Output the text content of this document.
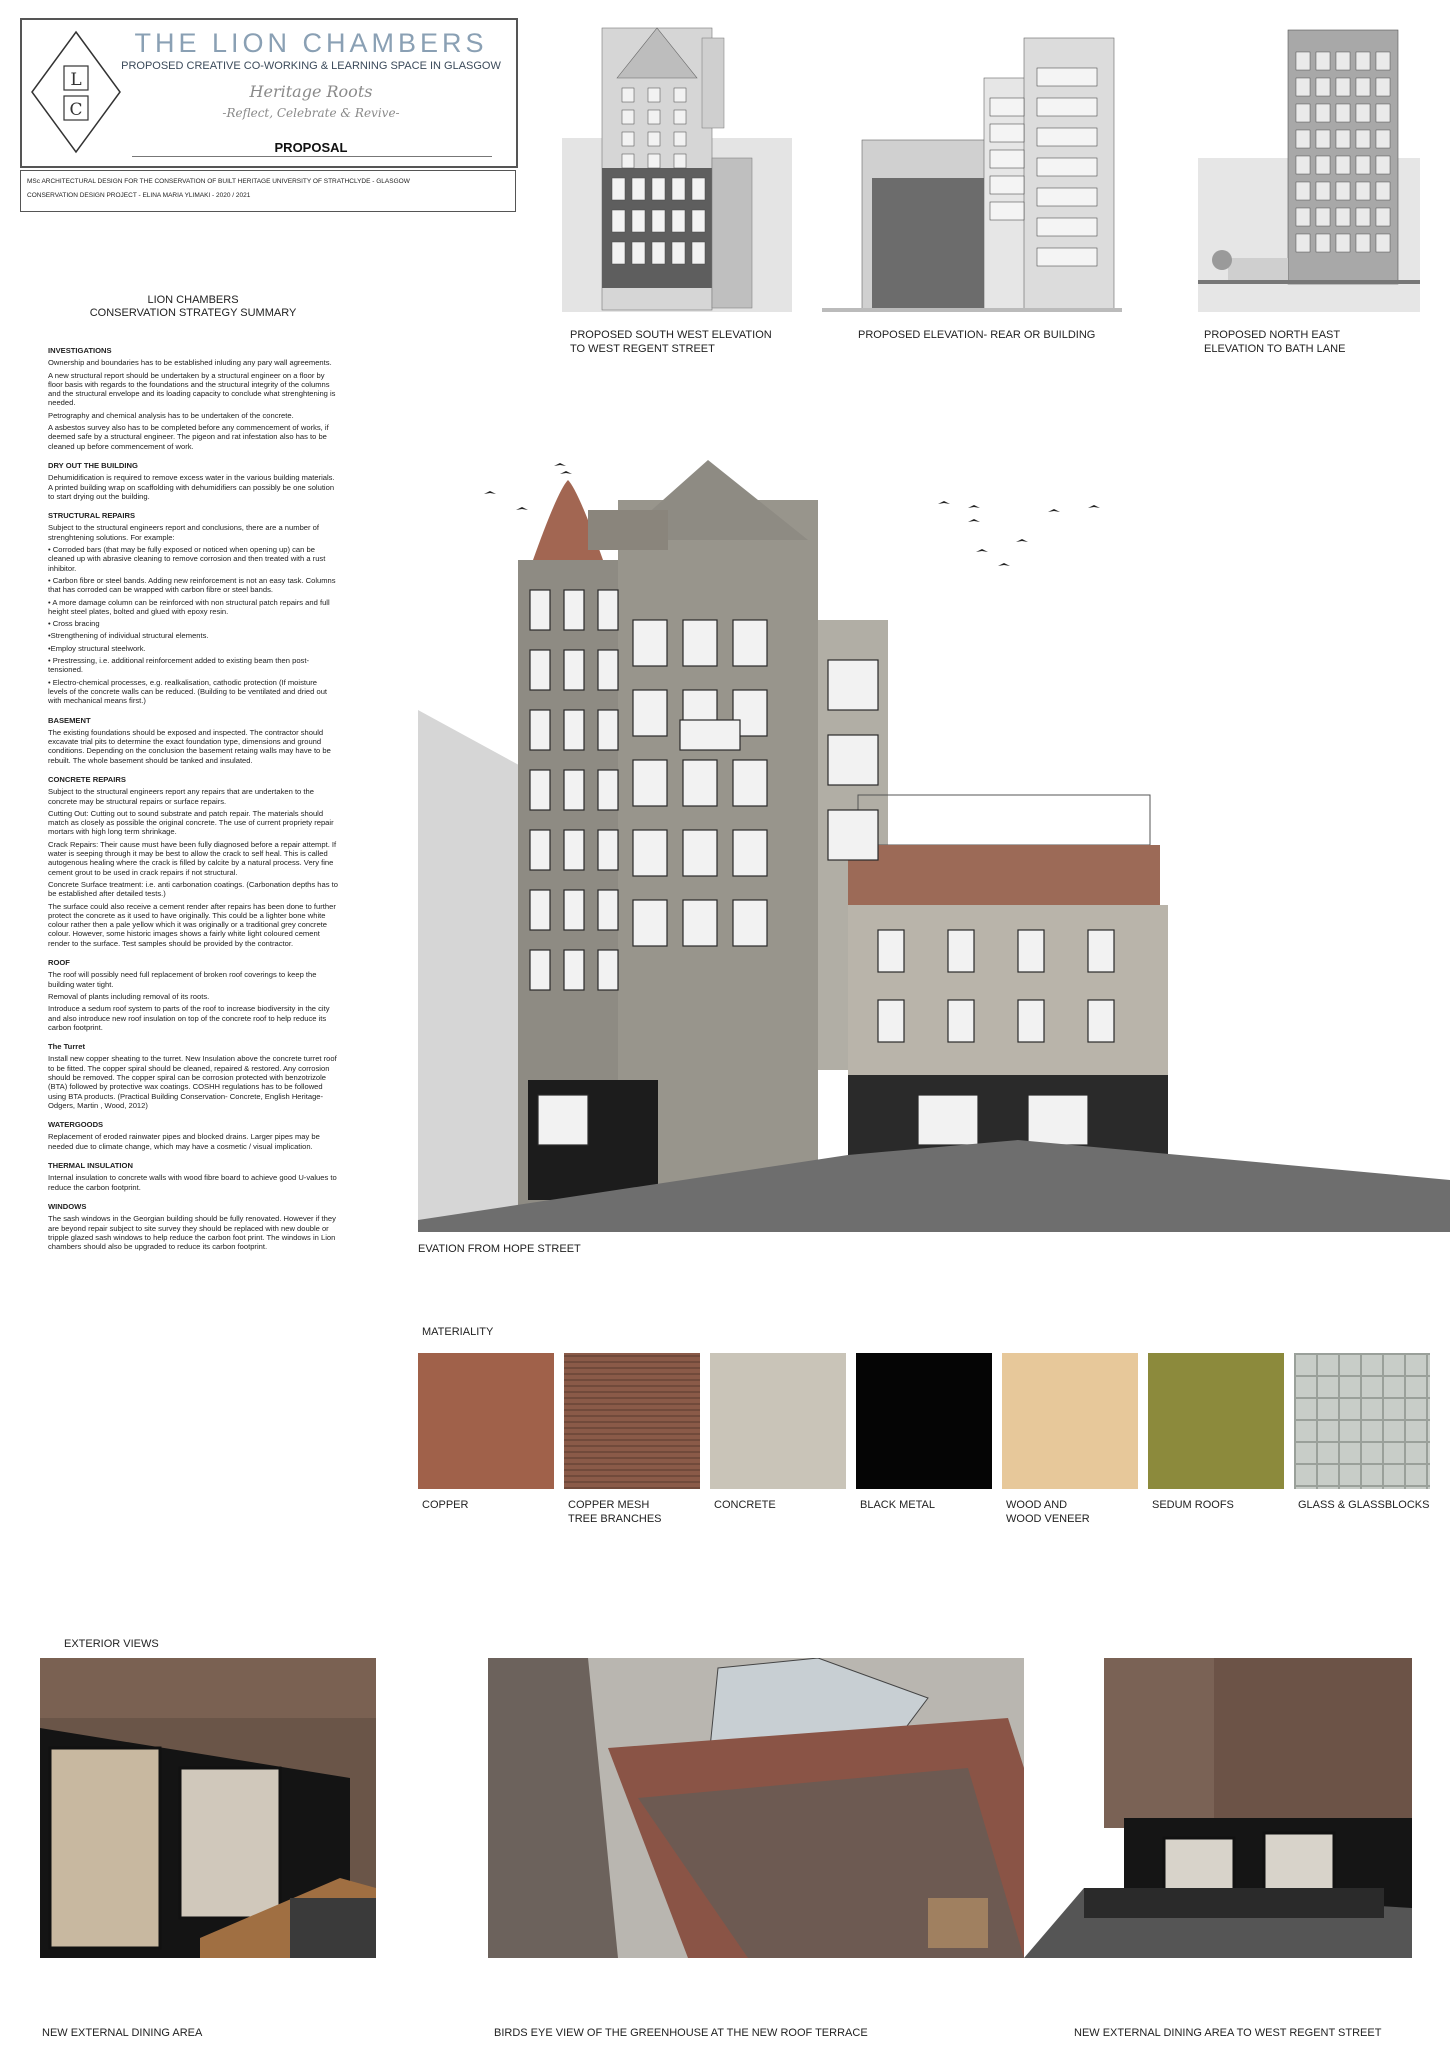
L
C
THE LION CHAMBERS
PROPOSED CREATIVE CO-WORKING & LEARNING SPACE IN GLASGOW
Heritage Roots
-Reflect, Celebrate & Revive-
PROPOSAL
MSc ARCHITECTURAL DESIGN FOR THE CONSERVATION OF BUILT HERITAGE UNIVERSITY OF STRATHCLYDE - GLASGOW
CONSERVATION DESIGN PROJECT - ELINA MARIA YLIMAKI - 2020 / 2021
LION CHAMBERS
CONSERVATION STRATEGY SUMMARY
INVESTIGATIONS

Ownership and boundaries has to be established inluding any pary wall agreements.

A new structural report should be undertaken by a structural engineer on a floor by floor basis with regards to the foundations and the structural integrity of the columns and the structural envelope and its loading capacity to conclude what strenghtening is needed.

Petrography and chemical analysis has to be undertaken of the concrete.

A asbestos survey also has to be completed before any commencement of works, if deemed safe by a structural engineer. The pigeon and rat infestation also has to be cleaned up before commencement of work.

DRY OUT THE BUILDING

Dehumidification is required to remove excess water in the various building materials. A printed building wrap on scaffolding with dehumidifiers can possibly be one solution to start drying out the building.

STRUCTURAL REPAIRS

Subject to the structural engineers report and conclusions, there are a number of strenghtening solutions. For example:

• Corroded bars (that may be fully exposed or noticed when opening up) can be cleaned up with abrasive cleaning to remove corrosion and then treated with a rust inhibitor.

• Carbon fibre or steel bands. Adding new reinforcement is not an easy task. Columns that has corroded can be wrapped with carbon fibre or steel bands.

• A more damage column can be reinforced with non structural patch repairs and full height steel plates, bolted and glued with epoxy resin.

• Cross bracing

•Strengthening of individual structural elements.

•Employ structural steelwork.

• Prestressing, i.e. additional reinforcement added to existing beam then post-tensioned.

• Electro-chemical processes, e.g. realkalisation, cathodic protection (If moisture levels of the concrete walls can be reduced. (Building to be ventilated and dried out with mechanical means first.)

BASEMENT

The existing foundations should be exposed and inspected. The contractor should excavate trial pits to determine the exact foundation type, dimensions and ground conditions. Depending on the conclusion the basement retaing walls may have to be rebuilt. The whole basement should be tanked and insulated.

CONCRETE REPAIRS

Subject to the structural engineers report any repairs that are undertaken to the concrete may be structural repairs or surface repairs.

Cutting Out: Cutting out to sound substrate and patch repair. The materials should match as closely as possible the original concrete. The use of current propriety repair mortars with high long term shrinkage.

Crack Repairs: Their cause must have been fully diagnosed before a repair attempt. If water is seeping through it may be best to allow the crack to self heal. This is called autogenous healing where the crack is filled by calcite by a natural process. Very fine cement grout to be used in crack repairs if not structural.

Concrete Surface treatment: i.e. anti carbonation coatings. (Carbonation depths has to be established after detailed tests.)

The surface could also receive a cement render after repairs has been done to further protect the concrete as it used to have originally. This could be a lighter bone white colour rather then a pale yellow which it was originally or a traditional grey concrete colour. However, some historic images shows a fairly white light coloured cement render to the surface. Test samples should be provided by the contractor.

ROOF

The roof will possibly need full replacement of broken roof coverings to keep the building water tight.

Removal of plants including removal of its roots.

Introduce a sedum roof system to parts of the roof to increase biodiversity in the city and also introduce new roof insulation on top of the concrete roof to help reduce its carbon footprint.

The Turret

Install new copper sheating to the turret. New Insulation above the concrete turret roof to be fitted. The copper spiral should be cleaned, repaired & restored. Any corrosion should be removed. The copper spiral can be corrosion protected with benzotrizole (BTA) followed by protective wax coatings. COSHH regulations has to be followed using BTA products. (Practical Building Conservation- Concrete, English Heritage- Odgers, Martin , Wood, 2012)

WATERGOODS

Replacement of eroded rainwater pipes and blocked drains. Larger pipes may be needed due to climate change, which may have a cosmetic / visual implication.

THERMAL INSULATION

Internal insulation to concrete walls with wood fibre board to achieve good U-values to reduce the carbon footprint.

WINDOWS

The sash windows in the Georgian building should be fully renovated. However if they are beyond repair subject to site survey they should be replaced with new double or tripple glazed sash windows to help reduce the carbon foot print. The windows in Lion chambers should also be upgraded to reduce its carbon footprint.

PROPOSED SOUTH WEST ELEVATION
TO WEST REGENT STREET
PROPOSED ELEVATION- REAR OR BUILDING	PROPOSED NORTH EAST
ELEVATION TO BATH LANE
EVATION FROM HOPE STREET
MATERIALITY
COPPER	COPPER MESH
TREE BRANCHES
CONCRETE	BLACK METAL	WOOD AND
WOOD VENEER
SEDUM ROOFS	GLASS & GLASSBLOCKS
EXTERIOR VIEWS
NEW EXTERNAL DINING AREA	BIRDS EYE VIEW OF THE GREENHOUSE AT THE NEW ROOF TERRACE	NEW EXTERNAL DINING AREA TO WEST REGENT STREET
